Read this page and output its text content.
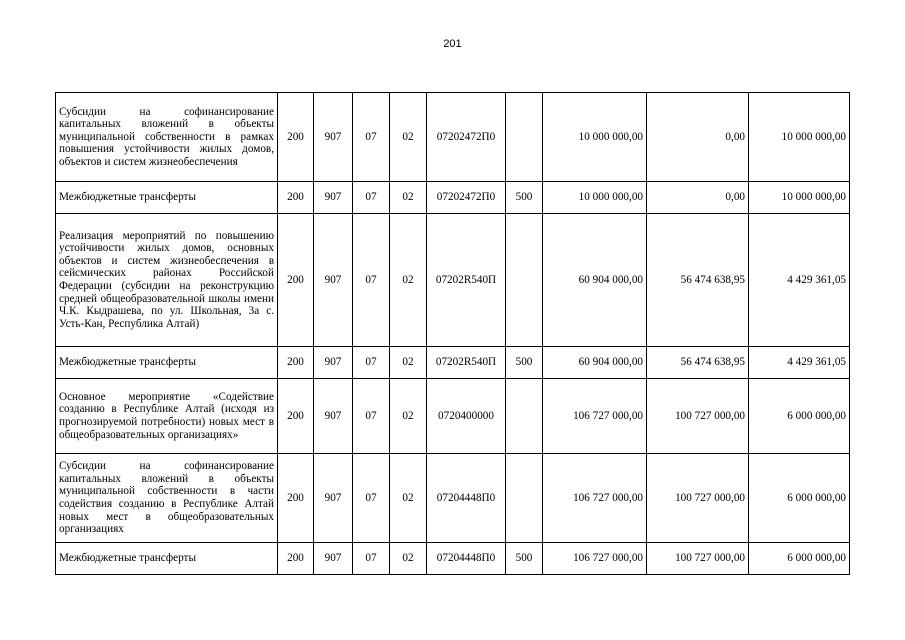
201
Субсидии на софинансирование капитальных вложений в объекты муниципальной собственности в рамках повышения устойчивости жилых домов, объектов и систем жизнеобеспечения	200	907	07	02	07202472П0		10 000 000,00	0,00	10 000 000,00
Межбюджетные трансферты	200	907	07	02	07202472П0	500	10 000 000,00	0,00	10 000 000,00
Реализация мероприятий по повышению устойчивости жилых домов, основных объектов и систем жизнеобеспечения в сейсмических районах Российской Федерации (субсидии на реконструкцию средней общеобразовательной школы имени Ч.К. Кыдрашева, по ул. Школьная, 3а с. Усть-Кан, Республика Алтай)	200	907	07	02	07202R540П		60 904 000,00	56 474 638,95	4 429 361,05
Межбюджетные трансферты	200	907	07	02	07202R540П	500	60 904 000,00	56 474 638,95	4 429 361,05
Основное мероприятие «Содействие созданию в Республике Алтай (исходя из прогнозируемой потребности) новых мест в общеобразовательных организациях»	200	907	07	02	0720400000		106 727 000,00	100 727 000,00	6 000 000,00
Субсидии на софинансирование капитальных вложений в объекты муниципальной собственности в части содействия созданию в Республике Алтай новых мест в общеобразовательных организациях	200	907	07	02	07204448П0		106 727 000,00	100 727 000,00	6 000 000,00
Межбюджетные трансферты	200	907	07	02	07204448П0	500	106 727 000,00	100 727 000,00	6 000 000,00
